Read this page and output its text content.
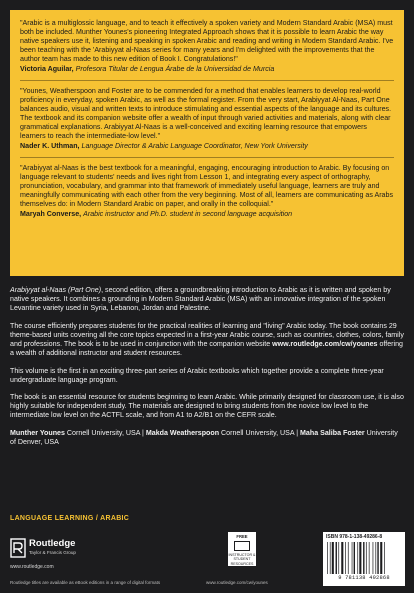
"Arabic is a multiglossic language, and to teach it effectively a spoken variety and Modern Standard Arabic (MSA) must both be included. Munther Younes's pioneering Integrated Approach shows that it is possible to learn Arabic the way native speakers use it, listening and speaking in spoken Arabic and reading and writing in Modern Standard Arabic. I've been teaching with the 'Arabiyyat al-Naas series for many years and I'm delighted with the improvements that the author team has made to this new edition of Book I. Congratulations!"
Victoria Aguilar, Profesora Titular de Lengua Árabe de la Universidad de Murcia
"Younes, Weatherspoon and Foster are to be commended for a method that enables learners to develop real-world proficiency in everyday, spoken Arabic, as well as the formal register. From the very start, Arabiyyat Al-Naas, Part One balances audio, visual and written texts to introduce stimulating and essential aspects of the language and its cultures. The textbook and its companion website offer a wealth of input through varied activities and materials, along with clear grammatical explanations. Arabiyyat Al-Naas is a well-conceived and exciting learning resource that empowers learners to reach the intermediate-low level."
Nader K. Uthman, Language Director & Arabic Language Coordinator, New York University
"Arabiyyat al-Naas is the best textbook for a meaningful, engaging, encouraging introduction to Arabic. By focusing on language relevant to students' needs and lives right from Lesson 1, and integrating every aspect of orthography, pronunciation, vocabulary, and grammar into that framework of immediately useful language, learners are truly and meaningfully communicating with each other from the very beginning. Most of all, learners are communicating as Arabs themselves do: in Modern Standard Arabic on paper, and orally in the colloquial."
Maryah Converse, Arabic instructor and Ph.D. student in second language acquisition

Arabiyyat al-Naas (Part One), second edition, offers a groundbreaking introduction to Arabic as it is written and spoken by native speakers. It combines a grounding in Modern Standard Arabic (MSA) with an innovative integration of the spoken Levantine variety used in Syria, Lebanon, Jordan and Palestine.

The course efficiently prepares students for the practical realities of learning and "living" Arabic today. The book contains 29 theme-based units covering all the core topics expected in a first-year Arabic course, such as countries, clothes, colors, family and professions. The book is to be used in conjunction with the companion website www.routledge.com/cw/younes offering a wealth of additional instructor and student resources.

This volume is the first in an exciting three-part series of Arabic textbooks which together provide a complete three-year undergraduate language program.

The book is an essential resource for students beginning to learn Arabic. While primarily designed for classroom use, it is also highly suitable for independent study. The materials are designed to bring students from the novice low level to the intermediate low level on the ACTFL scale, and from A1 to A2/B1 on the CEFR scale.

Munther Younes Cornell University, USA | Makda Weatherspoon Cornell University, USA | Maha Saliba Foster University of Denver, USA

LANGUAGE LEARNING / ARABIC
Routledge
Taylor & Francis Group
www.routledge.com
Routledge titles are available as eBook editions in a range of digital formats
FREE
INSTRUCTOR & STUDENT RESOURCES
www.routledge.com/cw/younes
ISBN 978-1-138-49286-8
9 781138 492868
